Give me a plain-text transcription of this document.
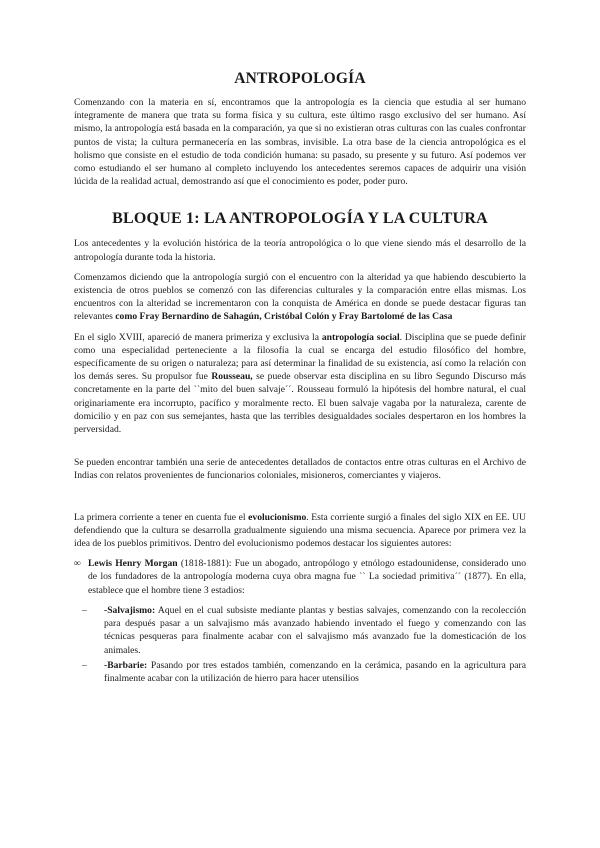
ANTROPOLOGÍA

Comenzando con la materia en sí, encontramos que la antropología es la ciencia que estudia al ser humano íntegramente de manera que trata su forma física y su cultura, este último rasgo exclusivo del ser humano. Así mismo, la antropología está basada en la comparación, ya que si no existieran otras culturas con las cuales confrontar puntos de vista; la cultura permanecería en las sombras, invisible. La otra base de la ciencia antropológica es el holismo que consiste en el estudio de toda condición humana: su pasado, su presente y su futuro. Así podemos ver como estudiando el ser humano al completo incluyendo los antecedentes seremos capaces de adquirir una visión lúcida de la realidad actual, demostrando así que el conocimiento es poder, poder puro.

BLOQUE 1: LA ANTROPOLOGÍA Y LA CULTURA

Los antecedentes y la evolución histórica de la teoría antropológica o lo que viene siendo más el desarrollo de la antropología durante toda la historia.

Comenzamos diciendo que la antropología surgió con el encuentro con la alteridad ya que habiendo descubierto la existencia de otros pueblos se comenzó con las diferencias culturales y la comparación entre ellas mismas. Los encuentros con la alteridad se incrementaron con la conquista de América en donde se puede destacar figuras tan relevantes como Fray Bernardino de Sahagún, Cristóbal Colón y Fray Bartolomé de las Casa

En el siglo XVIII, apareció de manera primeriza y exclusiva la antropología social. Disciplina que se puede definir como una especialidad perteneciente a la filosofía la cual se encarga del estudio filosófico del hombre, específicamente de su origen o naturaleza; para así determinar la finalidad de su existencia, así como la relación con los demás seres. Su propulsor fue Rousseau, se puede observar esta disciplina en su libro Segundo Discurso más concretamente en la parte del ``mito del buen salvaje´´. Rousseau formuló la hipótesis del hombre natural, el cual originariamente era incorrupto, pacífico y moralmente recto. El buen salvaje vagaba por la naturaleza, carente de domicilio y en paz con sus semejantes, hasta que las terribles desigualdades sociales despertaron en los hombres la perversidad.

Se pueden encontrar también una serie de antecedentes detallados de contactos entre otras culturas en el Archivo de Indias con relatos provenientes de funcionarios coloniales, misioneros, comerciantes y viajeros.

La primera corriente a tener en cuenta fue el evolucionismo. Esta corriente surgió a finales del siglo XIX en EE. UU defendiendo que la cultura se desarrolla gradualmente siguiendo una misma secuencia. Aparece por primera vez la idea de los pueblos primitivos. Dentro del evolucionismo podemos destacar los siguientes autores:

∞ Lewis Henry Morgan (1818-1881): Fue un abogado, antropólogo y etnólogo estadounidense, considerado uno de los fundadores de la antropología moderna cuya obra magna fue `` La sociedad primitiva´´ (1877). En ella, establece que el hombre tiene 3 estadios:
– -Salvajismo: Aquel en el cual subsiste mediante plantas y bestias salvajes, comenzando con la recolección para después pasar a un salvajismo más avanzado habiendo inventado el fuego y comenzando con las técnicas pesqueras para finalmente acabar con el salvajismo más avanzado fue la domesticación de los animales.
– -Barbarie: Pasando por tres estados también, comenzando en la cerámica, pasando en la agricultura para finalmente acabar con la utilización de hierro para hacer utensilios
